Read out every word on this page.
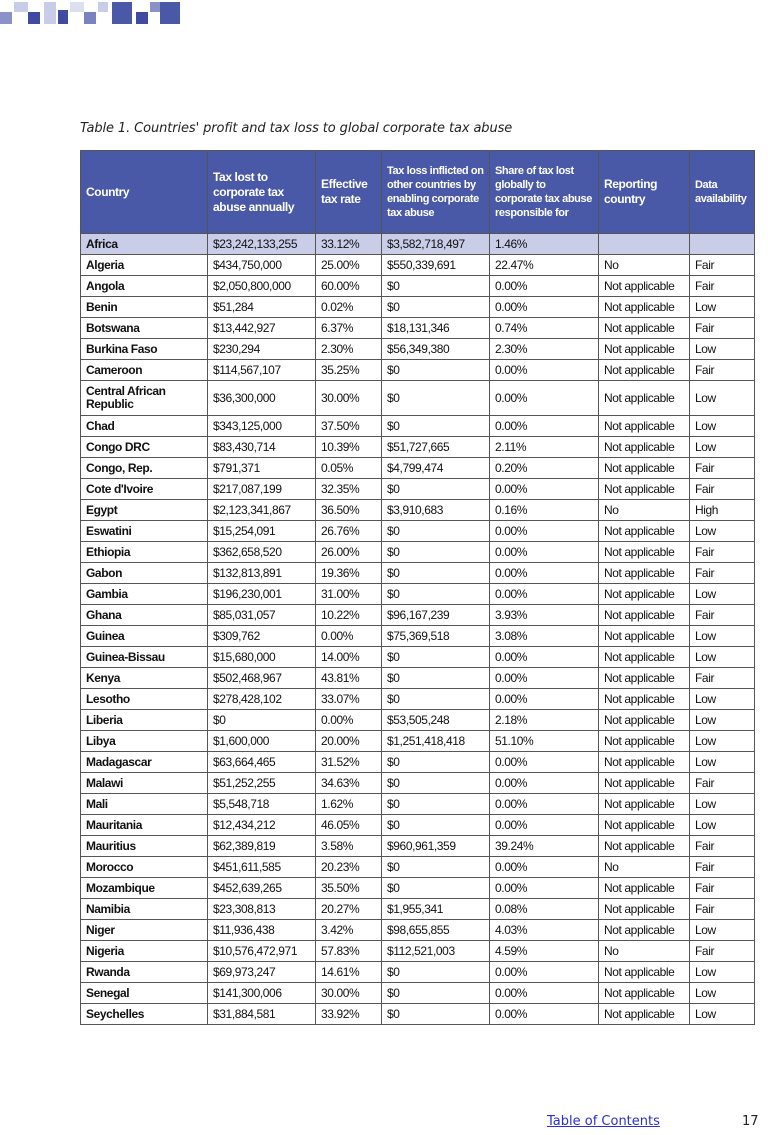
Table 1. Countries' profit and tax loss to global corporate tax abuse
Country	Tax lost to corporate tax abuse annually	Effective tax rate	Tax loss inflicted on other countries by enabling corporate tax abuse	Share of tax lost globally to corporate tax abuse responsible for	Reporting country	Data availability
Africa	$23,242,133,255	33.12%	$3,582,718,497	1.46%		
Algeria	$434,750,000	25.00%	$550,339,691	22.47%	No	Fair
Angola	$2,050,800,000	60.00%	$0	0.00%	Not applicable	Fair
Benin	$51,284	0.02%	$0	0.00%	Not applicable	Low
Botswana	$13,442,927	6.37%	$18,131,346	0.74%	Not applicable	Fair
Burkina Faso	$230,294	2.30%	$56,349,380	2.30%	Not applicable	Low
Cameroon	$114,567,107	35.25%	$0	0.00%	Not applicable	Fair
Central African Republic	$36,300,000	30.00%	$0	0.00%	Not applicable	Low
Chad	$343,125,000	37.50%	$0	0.00%	Not applicable	Low
Congo DRC	$83,430,714	10.39%	$51,727,665	2.11%	Not applicable	Low
Congo, Rep.	$791,371	0.05%	$4,799,474	0.20%	Not applicable	Fair
Cote d'Ivoire	$217,087,199	32.35%	$0	0.00%	Not applicable	Fair
Egypt	$2,123,341,867	36.50%	$3,910,683	0.16%	No	High
Eswatini	$15,254,091	26.76%	$0	0.00%	Not applicable	Low
Ethiopia	$362,658,520	26.00%	$0	0.00%	Not applicable	Fair
Gabon	$132,813,891	19.36%	$0	0.00%	Not applicable	Fair
Gambia	$196,230,001	31.00%	$0	0.00%	Not applicable	Low
Ghana	$85,031,057	10.22%	$96,167,239	3.93%	Not applicable	Fair
Guinea	$309,762	0.00%	$75,369,518	3.08%	Not applicable	Low
Guinea-Bissau	$15,680,000	14.00%	$0	0.00%	Not applicable	Low
Kenya	$502,468,967	43.81%	$0	0.00%	Not applicable	Fair
Lesotho	$278,428,102	33.07%	$0	0.00%	Not applicable	Low
Liberia	$0	0.00%	$53,505,248	2.18%	Not applicable	Low
Libya	$1,600,000	20.00%	$1,251,418,418	51.10%	Not applicable	Low
Madagascar	$63,664,465	31.52%	$0	0.00%	Not applicable	Low
Malawi	$51,252,255	34.63%	$0	0.00%	Not applicable	Fair
Mali	$5,548,718	1.62%	$0	0.00%	Not applicable	Low
Mauritania	$12,434,212	46.05%	$0	0.00%	Not applicable	Low
Mauritius	$62,389,819	3.58%	$960,961,359	39.24%	Not applicable	Fair
Morocco	$451,611,585	20.23%	$0	0.00%	No	Fair
Mozambique	$452,639,265	35.50%	$0	0.00%	Not applicable	Fair
Namibia	$23,308,813	20.27%	$1,955,341	0.08%	Not applicable	Fair
Niger	$11,936,438	3.42%	$98,655,855	4.03%	Not applicable	Low
Nigeria	$10,576,472,971	57.83%	$112,521,003	4.59%	No	Fair
Rwanda	$69,973,247	14.61%	$0	0.00%	Not applicable	Low
Senegal	$141,300,006	30.00%	$0	0.00%	Not applicable	Low
Seychelles	$31,884,581	33.92%	$0	0.00%	Not applicable	Low
Table of Contents	17
